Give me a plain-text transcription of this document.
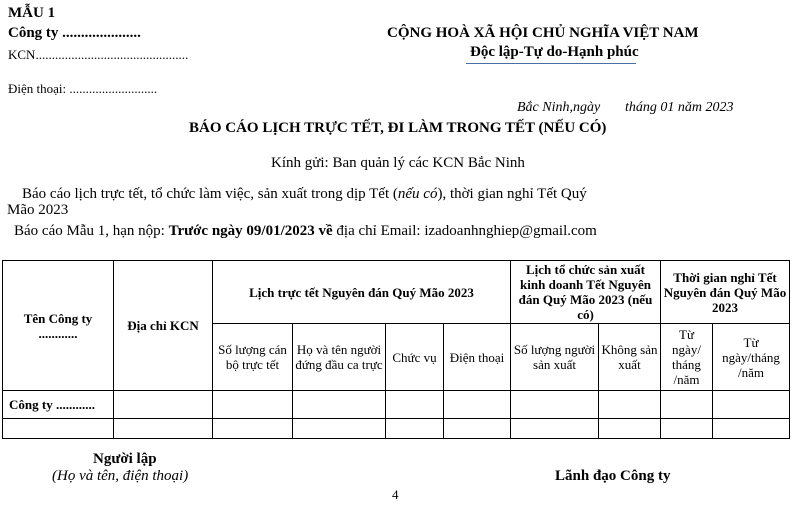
MẪU 1
Công ty .....................
KCN...............................................
Điện thoại: ...........................
CỘNG HOÀ XÃ HỘI CHỦ NGHĨA VIỆT NAM
Độc lập-Tự do-Hạnh phúc
Bắc Ninh,ngày tháng 01 năm 2023
BÁO CÁO LỊCH TRỰC TẾT, ĐI LÀM TRONG TẾT (NẾU CÓ)
Kính gửi: Ban quản lý các KCN Bắc Ninh
Báo cáo lịch trực tết, tổ chức làm việc, sản xuất trong dịp Tết (nếu có), thời gian nghỉ Tết Quý
Mão 2023
Báo cáo Mẫu 1, hạn nộp: Trước ngày 09/01/2023 về địa chỉ Email: izadoanhnghiep@gmail.com
Tên Công ty ............	Địa chỉ KCN	Lịch trực tết Nguyên đán Quý Mão 2023				Lịch tổ chức sản xuất kinh doanh Tết Nguyên đán Quý Mão 2023 (nếu có)		Thời gian nghỉ Tết Nguyên đán Quý Mão 2023	
		Số lượng cán bộ trực tết	Họ và tên người đứng đầu ca trực	Chức vụ	Điện thoại	Số lượng người sản xuất	Không sản xuất	Từ ngày/ tháng /năm	Từ ngày/tháng /năm
Công ty ............									

Người lập
(Họ và tên, điện thoại)	Lãnh đạo Công ty
4
